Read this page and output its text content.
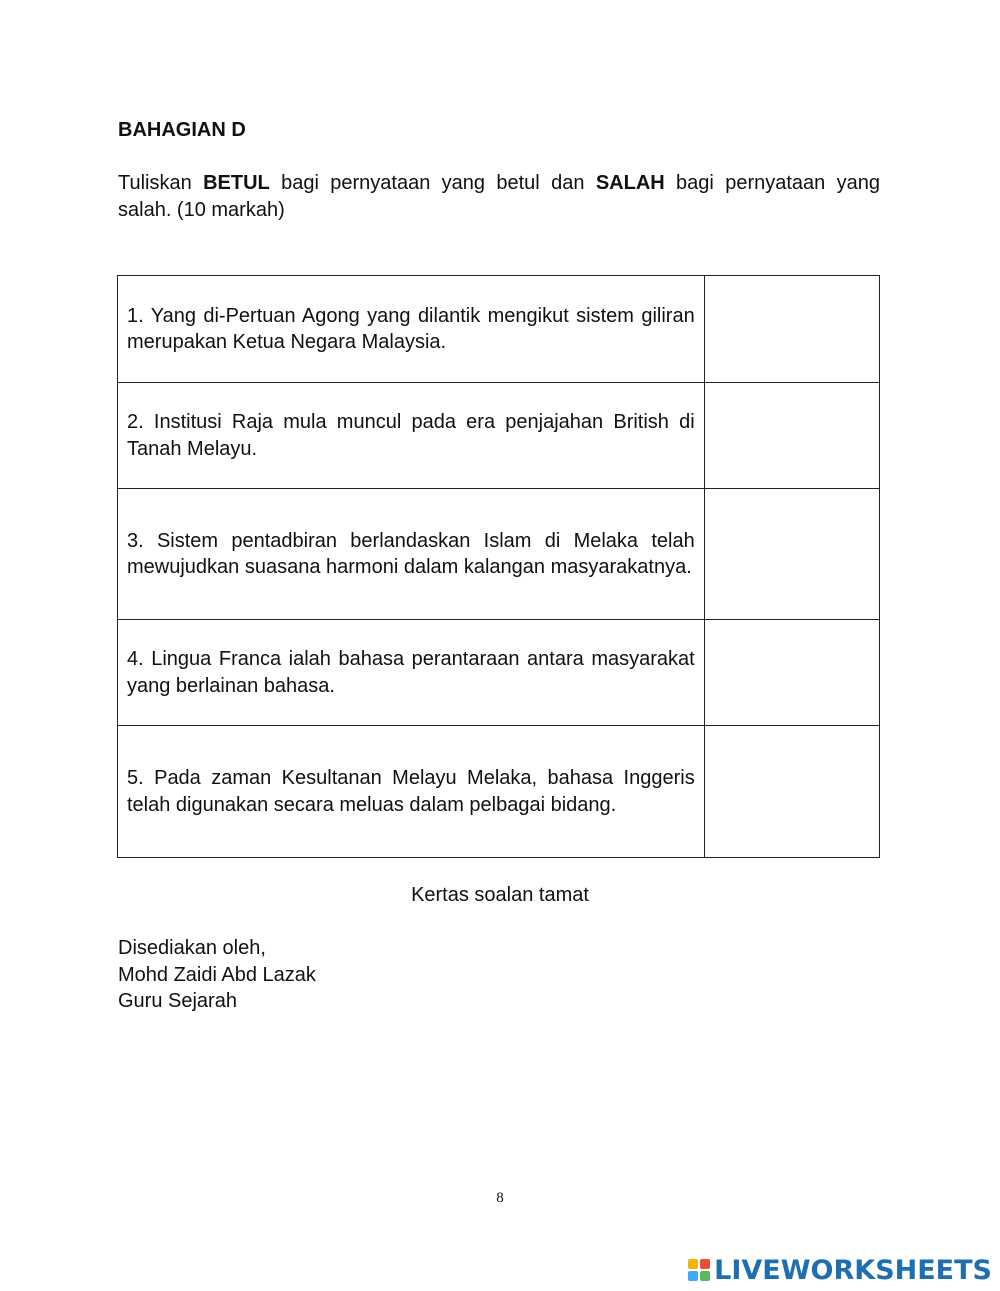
BAHAGIAN D

Tuliskan BETUL bagi pernyataan yang betul dan SALAH bagi pernyataan yang salah. (10 markah)

1. Yang di-Pertuan Agong yang dilantik mengikut sistem giliran merupakan Ketua Negara Malaysia.	
2. Institusi Raja mula muncul pada era penjajahan British di Tanah Melayu.	
3. Sistem pentadbiran berlandaskan Islam di Melaka telah mewujudkan suasana harmoni dalam kalangan masyarakatnya.	
4. Lingua Franca ialah bahasa perantaraan antara masyarakat yang berlainan bahasa.	
5. Pada zaman Kesultanan Melayu Melaka, bahasa Inggeris telah digunakan secara meluas dalam pelbagai bidang.	

Kertas soalan tamat

Disediakan oleh,
Mohd Zaidi Abd Lazak
Guru Sejarah
8
LIVEWORKSHEETS
